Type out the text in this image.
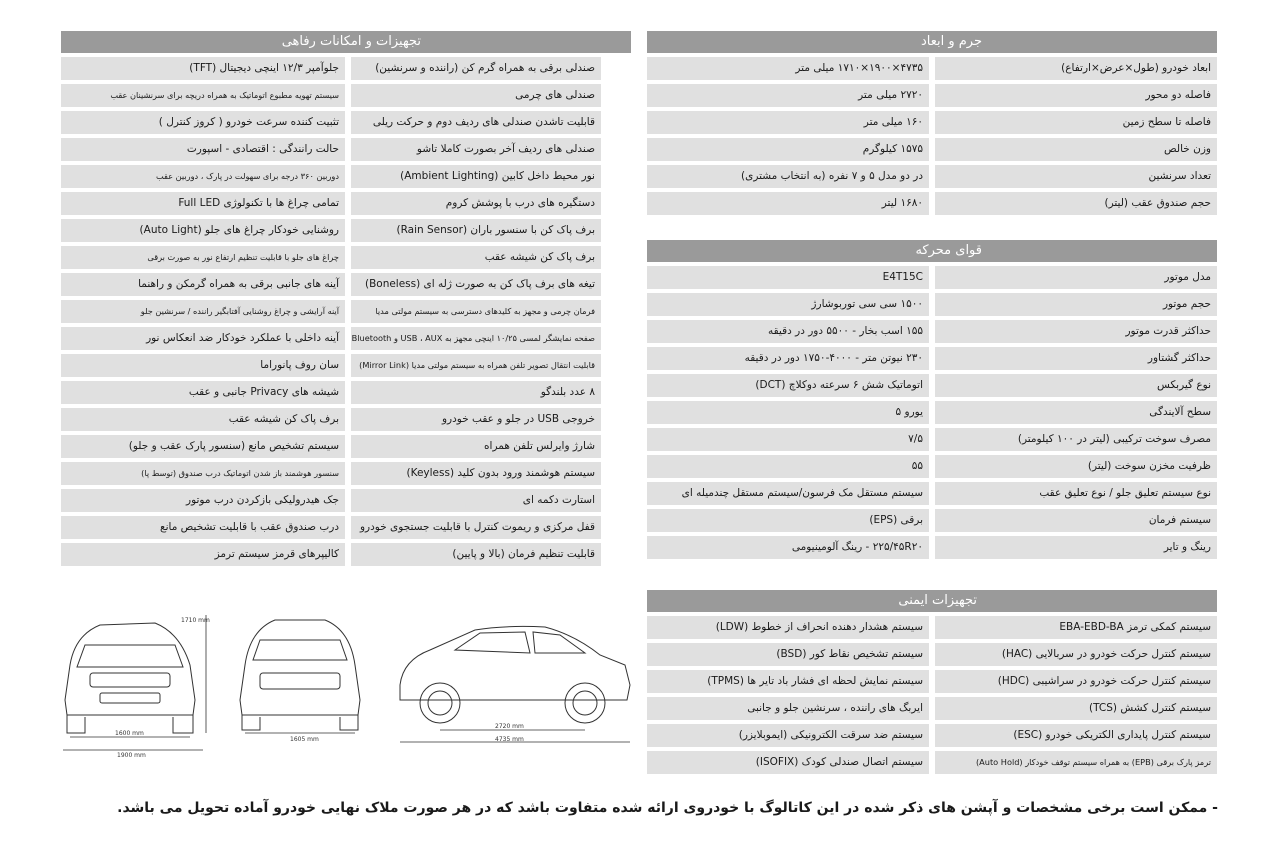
تجهیزات و امکانات رفاهی
جلوآمپر ۱۲/۳ اینچی دیجیتال (TFT)	صندلی برقی به همراه گرم کن (راننده و سرنشین)
سیستم تهویه مطبوع اتوماتیک به همراه دریچه برای سرنشینان عقب	صندلی های چرمی
تثبیت کننده سرعت خودرو ( کروز کنترل )	قابلیت تاشدن صندلی های ردیف دوم و حرکت ریلی
حالت رانندگی : اقتصادی - اسپورت	صندلی های ردیف آخر بصورت کاملا تاشو
دوربین ۳۶۰ درجه برای سهولت در پارک ، دوربین عقب	نور محیط داخل کابین (Ambient Lighting)
تمامی چراغ ها با تکنولوژی Full LED	دستگیره های درب با پوشش کروم
روشنایی خودکار چراغ های جلو (Auto Light)	برف پاک کن با سنسور باران (Rain Sensor)
چراغ های جلو با قابلیت تنظیم ارتفاع نور به صورت برقی	برف پاک کن شیشه عقب
آینه های جانبی برقی به همراه گرمکن و راهنما	تیغه های برف پاک کن به صورت ژله ای (Boneless)
آینه آرایشی و چراغ روشنایی آفتابگیر راننده / سرنشین جلو	فرمان چرمی و مجهز به کلیدهای دسترسی به سیستم مولتی مدیا
آینه داخلی با عملکرد خودکار ضد انعکاس نور	صفحه نمایشگر لمسی ۱۰/۲۵ اینچی مجهز به USB ، AUX و Bluetooth
سان روف پانوراما	قابلیت انتقال تصویر تلفن همراه به سیستم مولتی مدیا (Mirror Link)
شیشه های Privacy جانبی و عقب	۸ عدد بلندگو
برف پاک کن شیشه عقب	خروجی USB در جلو و عقب خودرو
سیستم تشخیص مانع (سنسور پارک عقب و جلو)	شارژ وایرلس تلفن همراه
سنسور هوشمند باز شدن اتوماتیک درب صندوق (توسط پا)	سیستم هوشمند ورود بدون کلید (Keyless)
جک هیدرولیکی بازکردن درب موتور	استارت دکمه ای
درب صندوق عقب با قابلیت تشخیص مانع	قفل مرکزی و ریموت کنترل با قابلیت جستجوی خودرو
کالیپرهای قرمز سیستم ترمز	قابلیت تنظیم فرمان (بالا و پایین)
جرم و ابعاد
۴۷۳۵×۱۹۰۰×۱۷۱۰ میلی متر	ابعاد خودرو (طول×عرض×ارتفاع)
۲۷۲۰ میلی متر	فاصله دو محور
۱۶۰ میلی متر	فاصله تا سطح زمین
۱۵۷۵ کیلوگرم	وزن خالص
در دو مدل ۵ و ۷ نفره (به انتخاب مشتری)	تعداد سرنشین
۱۶۸۰ لیتر	حجم صندوق عقب (لیتر)
قوای محرکه
E4T15C	مدل موتور
۱۵۰۰ سی سی توربوشارژ	حجم موتور
۱۵۵ اسب بخار - ۵۵۰۰ دور در دقیقه	حداکثر قدرت موتور
۲۳۰ نیوتن متر - ۴۰۰۰-۱۷۵۰ دور در دقیقه	حداکثر گشتاور
اتوماتیک شش ۶ سرعته دوکلاچ (DCT)	نوع گیربکس
یورو ۵	سطح آلایندگی
۷/۵	مصرف سوخت ترکیبی (لیتر در ۱۰۰ کیلومتر)
۵۵	ظرفیت مخزن سوخت (لیتر)
سیستم مستقل مک فرسون/سیستم مستقل چندمیله ای	نوع سیستم تعلیق جلو / نوع تعلیق عقب
برقی (EPS)	سیستم فرمان
۲۲۵/۴۵R۲۰ - رینگ آلومینیومی	رینگ و تایر
تجهیزات ایمنی
سیستم هشدار دهنده انحراف از خطوط (LDW)	سیستم کمکی ترمز EBA-EBD-BA
سیستم تشخیص نقاط کور (BSD)	سیستم کنترل حرکت خودرو در سربالایی (HAC)
سیستم نمایش لحظه ای فشار باد تایر ها (TPMS)	سیستم کنترل حرکت خودرو در سراشیبی (HDC)
ایربگ های راننده ، سرنشین جلو و جانبی	سیستم کنترل کشش (TCS)
سیستم ضد سرقت الکترونیکی (ایموبلایزر)	سیستم کنترل پایداری الکتریکی خودرو (ESC)
سیستم اتصال صندلی کودک (ISOFIX)	ترمز پارک برقی (EPB) به همراه سیستم توقف خودکار (Auto Hold)
1710 mm
1600 mm
1900 mm
1605 mm
2720 mm
4735 mm
- ممکن است برخی مشخصات و آپشن های ذکر شده در این کاتالوگ با خودروی ارائه شده متفاوت باشد که در هر صورت ملاک نهایی خودرو آماده تحویل می باشد.
